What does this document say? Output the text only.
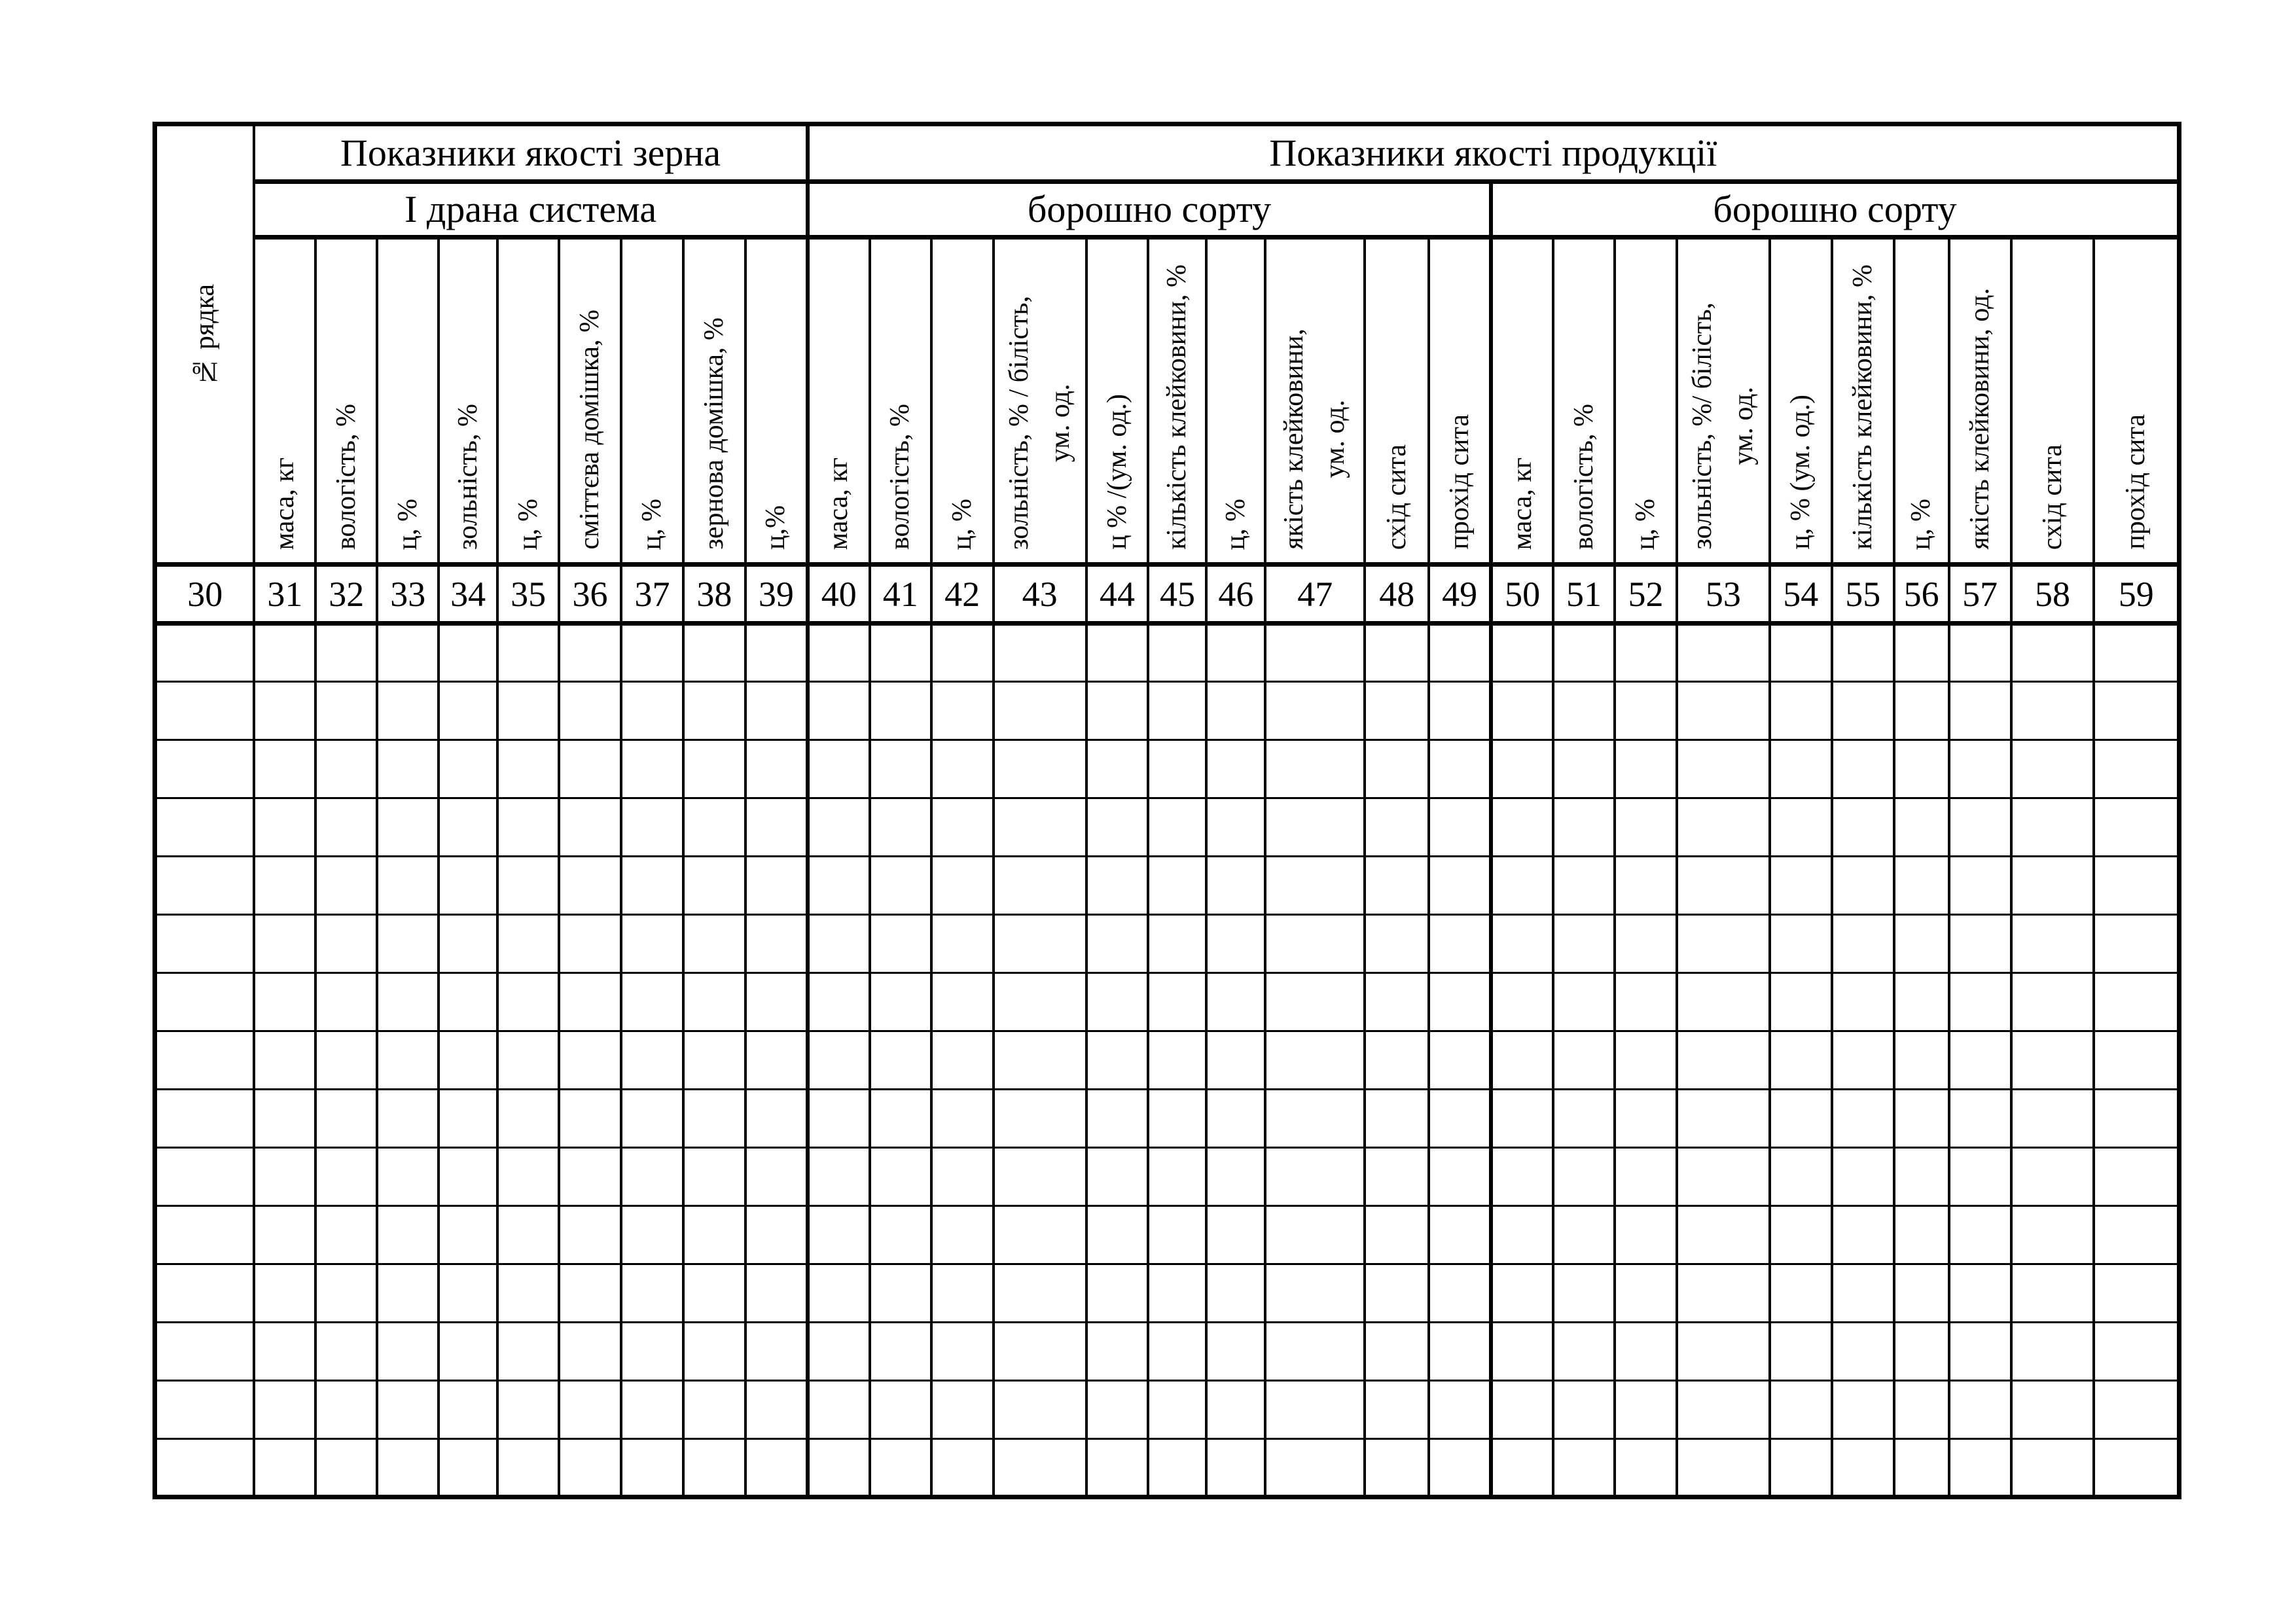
№ рядка	Показники якості зерна									Показники якості продукції																			
	І драна система									борошно сорту										борошно сорту									
	маса, кг	вологість, %	ц, %	зольність, %	ц, %	сміттєва домішка, %	ц, %	зернова домішка, %	ц,%	маса, кг	вологість, %	ц, %	зольність, % / білість, ум. од.	ц % /(ум. од.)	кількість клейковини, %	ц, %	якість клейковини, ум. од.	схід сита	прохід сита	маса, кг	вологість, %	ц, %	зольність, %/ білість, ум. од.	ц, % (ум. од.)	кількість клейковини, %	ц, %	якість клейковини, од.	схід сита	прохід сита
30	31	32	33	34	35	36	37	38	39	40	41	42	43	44	45	46	47	48	49	50	51	52	53	54	55	56	57	58	59
